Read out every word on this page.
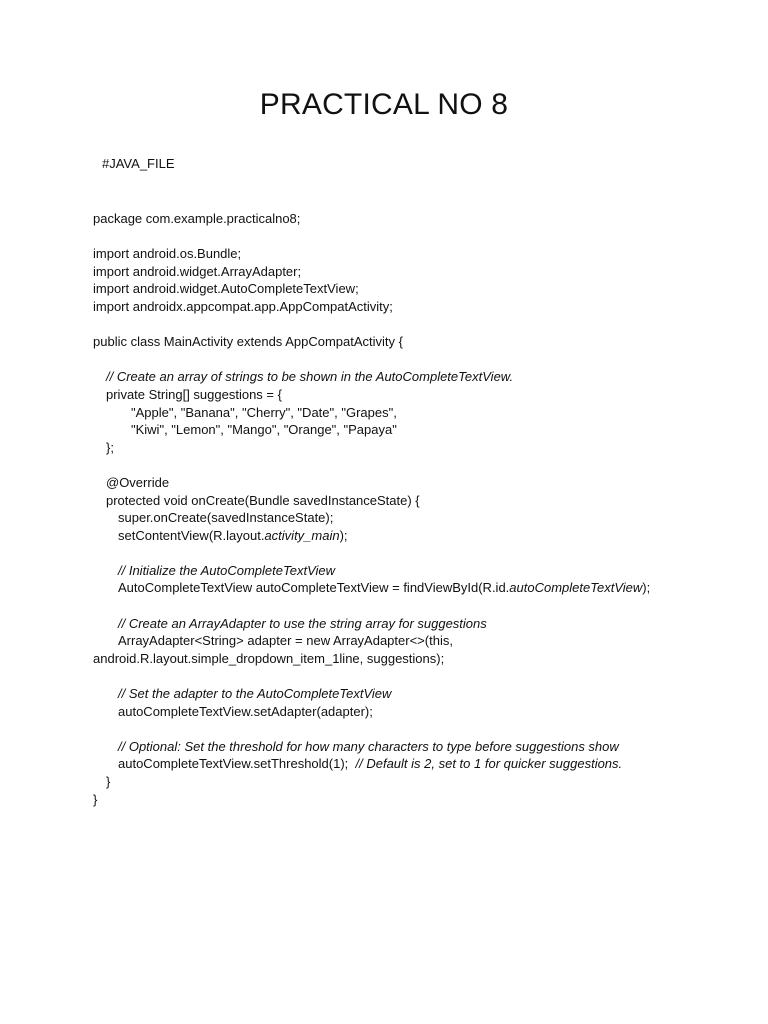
PRACTICAL NO 8
#JAVA_FILE
package com.example.practicalno8;
import android.os.Bundle;
import android.widget.ArrayAdapter;
import android.widget.AutoCompleteTextView;
import androidx.appcompat.app.AppCompatActivity;
public class MainActivity extends AppCompatActivity {
// Create an array of strings to be shown in the AutoCompleteTextView.
private String[] suggestions = {
"Apple", "Banana", "Cherry", "Date", "Grapes",
"Kiwi", "Lemon", "Mango", "Orange", "Papaya"
};
@Override
protected void onCreate(Bundle savedInstanceState) {
super.onCreate(savedInstanceState);
setContentView(R.layout.activity_main);
// Initialize the AutoCompleteTextView
AutoCompleteTextView autoCompleteTextView = findViewById(R.id.autoCompleteTextView);
// Create an ArrayAdapter to use the string array for suggestions
ArrayAdapter<String> adapter = new ArrayAdapter<>(this,
android.R.layout.simple_dropdown_item_1line, suggestions);
// Set the adapter to the AutoCompleteTextView
autoCompleteTextView.setAdapter(adapter);
// Optional: Set the threshold for how many characters to type before suggestions show
autoCompleteTextView.setThreshold(1); // Default is 2, set to 1 for quicker suggestions.
}
}
